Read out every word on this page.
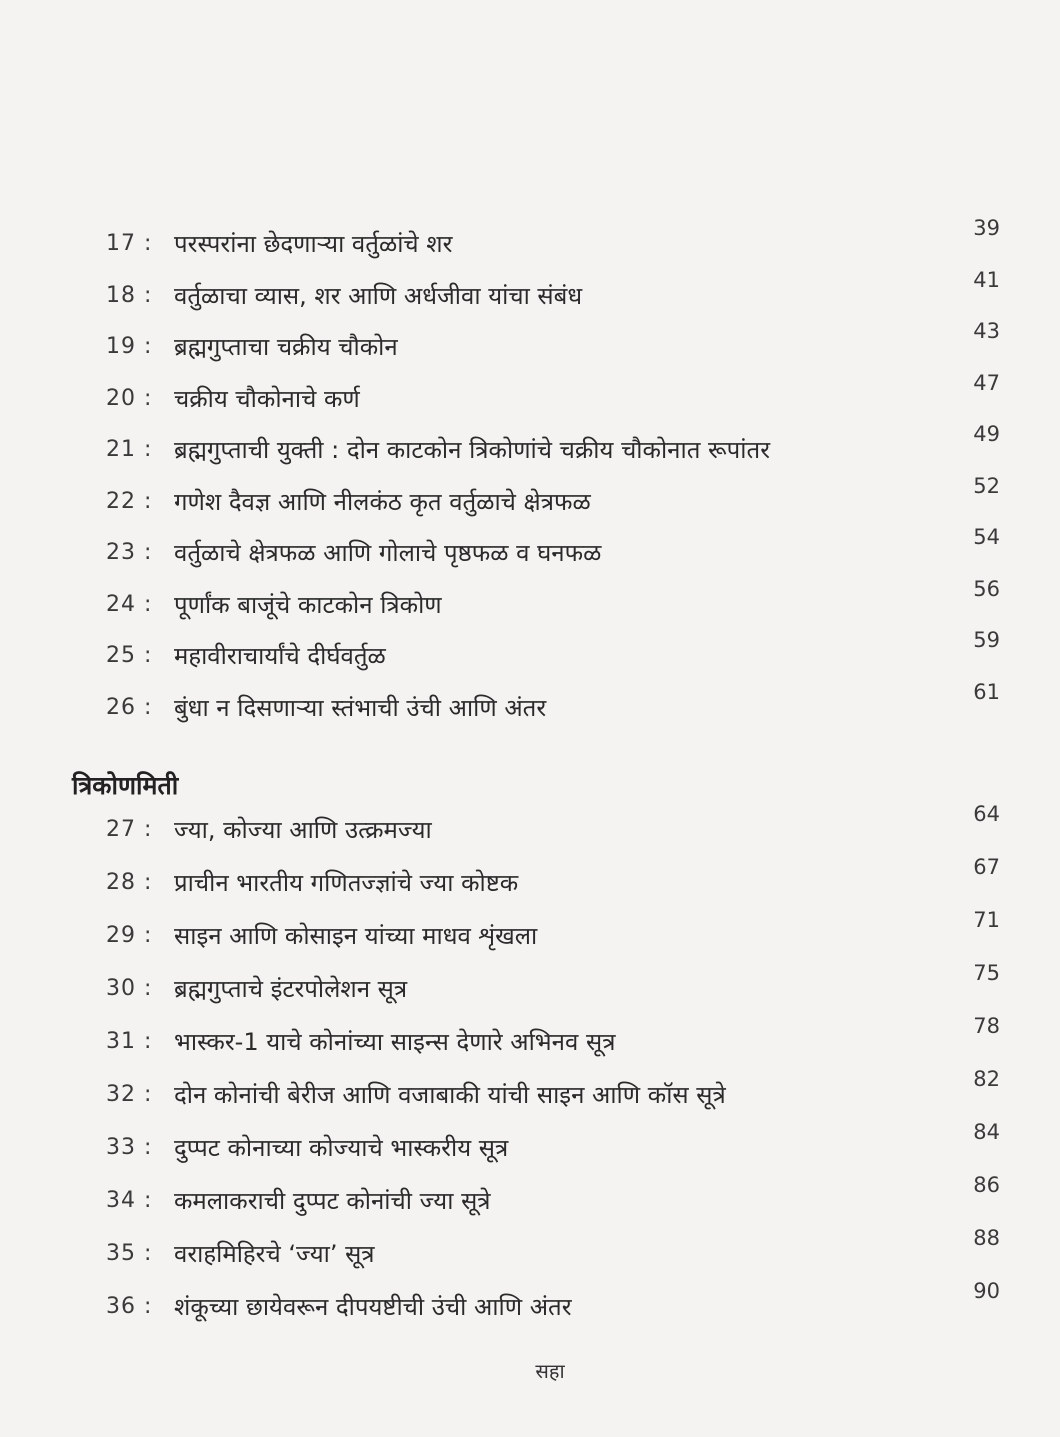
17 : परस्परांना छेदणाऱ्या वर्तुळांचे शर
39
18 : वर्तुळाचा व्यास, शर आणि अर्धजीवा यांचा संबंध
41
19 : ब्रह्मगुप्ताचा चक्रीय चौकोन
43
20 : चक्रीय चौकोनाचे कर्ण
47
21 : ब्रह्मगुप्ताची युक्ती : दोन काटकोन त्रिकोणांचे चक्रीय चौकोनात रूपांतर
49
22 : गणेश दैवज्ञ आणि नीलकंठ कृत वर्तुळाचे क्षेत्रफळ
52
23 : वर्तुळाचे क्षेत्रफळ आणि गोलाचे पृष्ठफळ व घनफळ
54
24 : पूर्णांक बाजूंचे काटकोन त्रिकोण
56
25 : महावीराचार्यांचे दीर्घवर्तुळ
59
26 : बुंधा न दिसणाऱ्या स्तंभाची उंची आणि अंतर
61
त्रिकोणमिती
27 : ज्या, कोज्या आणि उत्क्रमज्या
64
28 : प्राचीन भारतीय गणितज्ज्ञांचे ज्या कोष्टक
67
29 : साइन आणि कोसाइन यांच्या माधव शृंखला
71
30 : ब्रह्मगुप्ताचे इंटरपोलेशन सूत्र
75
31 : भास्कर-1 याचे कोनांच्या साइन्स देणारे अभिनव सूत्र
78
32 : दोन कोनांची बेरीज आणि वजाबाकी यांची साइन आणि कॉस सूत्रे
82
33 : दुप्पट कोनाच्या कोज्याचे भास्करीय सूत्र
84
34 : कमलाकराची दुप्पट कोनांची ज्या सूत्रे
86
35 : वराहमिहिरचे ‘ज्या’ सूत्र
88
36 : शंकूच्या छायेवरून दीपयष्टीची उंची आणि अंतर
90
सहा
